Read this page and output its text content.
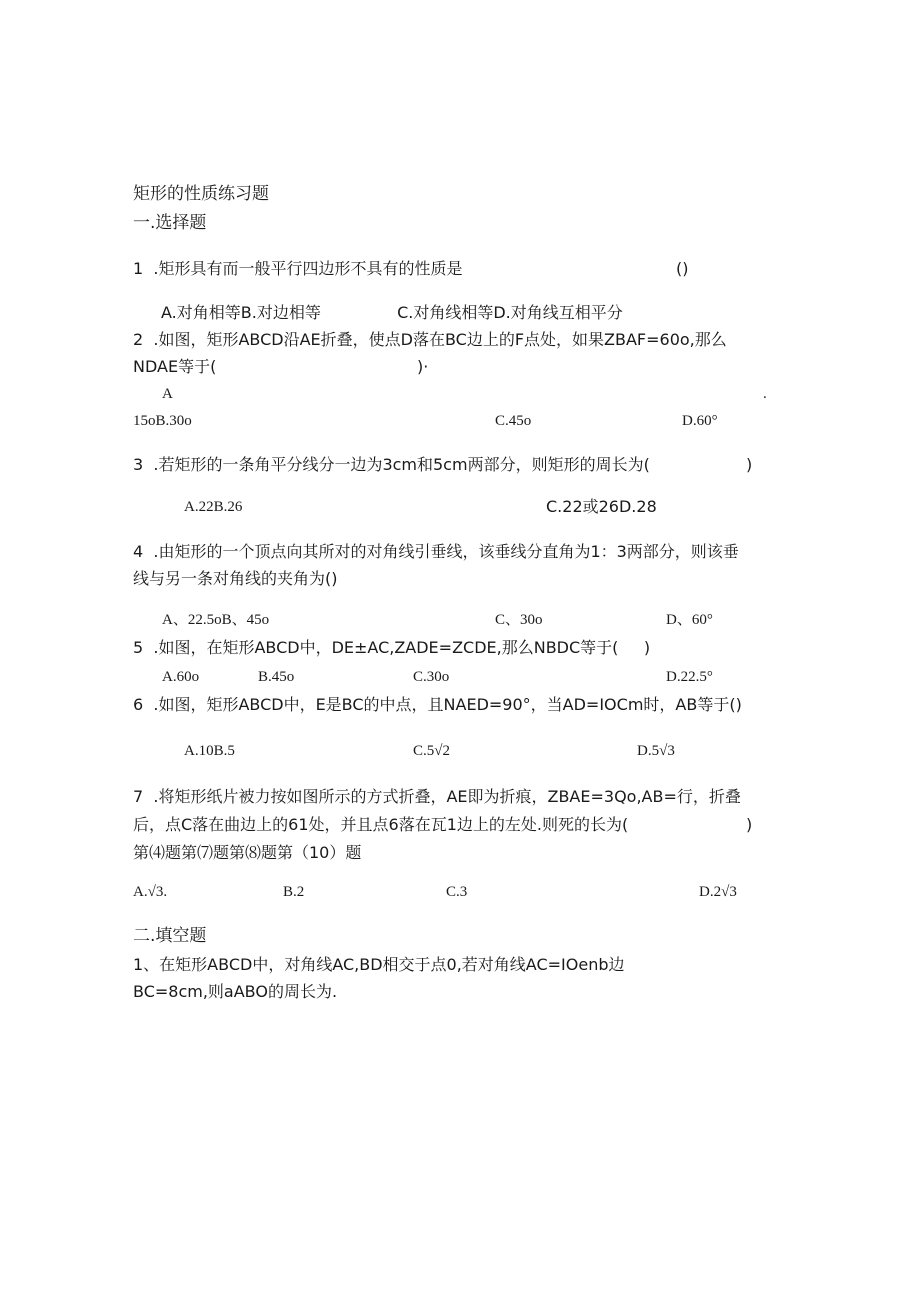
矩形的性质练习题
一.选择题
1  .矩形具有而一般平行四边形不具有的性质是	()
A.对角相等B.对边相等               C.对角线相等D.对角线互相平分
2  .如图，矩形ABCD沿AE折叠，使点D落在BC边上的F点处，如果ZBAF=60o,那么
NDAE等于(	)·
A	.
15oB.30o	C.45o	D.60°
3  .若矩形的一条角平分线分一边为3cm和5cm两部分，则矩形的周长为(	)
A.22B.26	C.22或26D.28
4  .由矩形的一个顶点向其所对的对角线引垂线，该垂线分直角为1：3两部分，则该垂
线与另一条对角线的夹角为()
A、22.5oB、45o	C、30o	D、60°
5  .如图，在矩形ABCD中，DE±AC,ZADE=ZCDE,那么NBDC等于(     )
A.60o	B.45o	C.30o	D.22.5°
6  .如图，矩形ABCD中，E是BC的中点，且NAED=90°，当AD=IOCm时，AB等于()
A.10B.5	C.5√2	D.5√3
7  .将矩形纸片被力按如图所示的方式折叠，AE即为折痕，ZBAE=3Qo,AB=行，折叠
后，点C落在曲边上的61处，并且点6落在瓦1边上的左处.则死的长为(	)
第⑷题第⑺题第⑻题第（10）题
A.√3.	B.2	C.3	D.2√3
二.填空题
1、在矩形ABCD中，对角线AC,BD相交于点0,若对角线AC=IOenb边
BC=8cm,则aABO的周长为.
